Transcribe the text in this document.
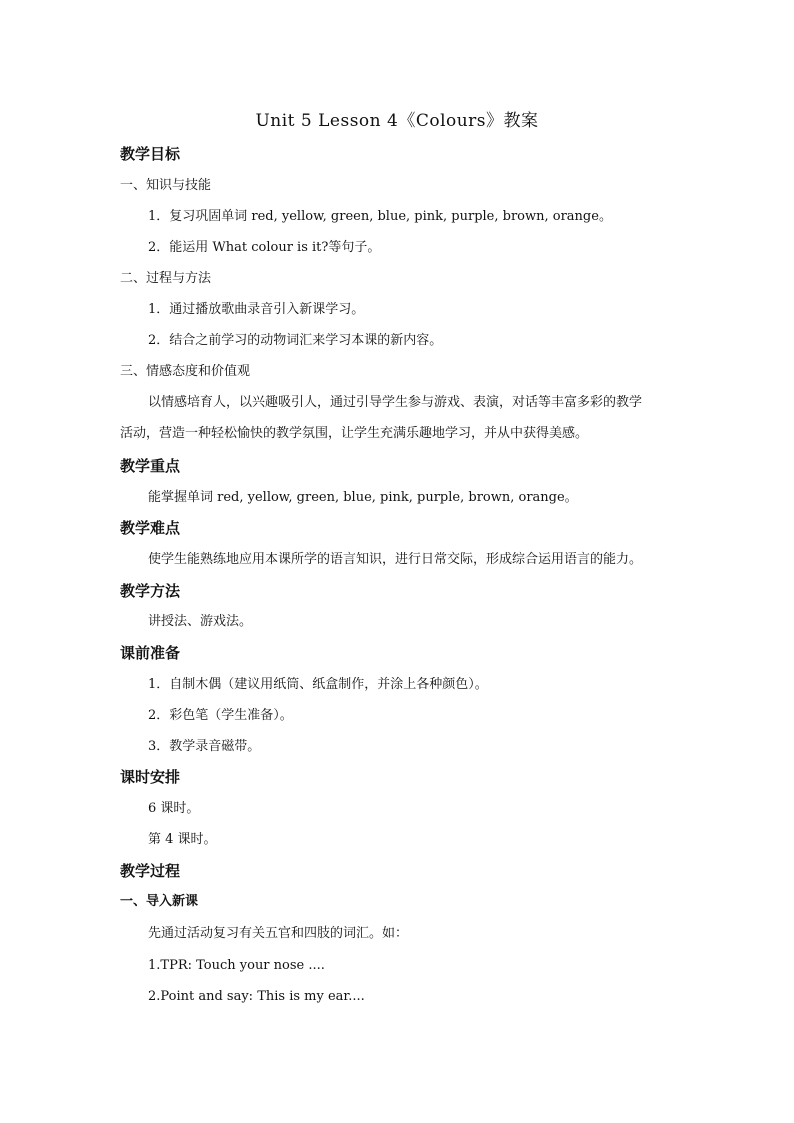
Unit 5 Lesson 4《Colours》教案
教学目标
一、知识与技能
1．复习巩固单词 red, yellow, green, blue, pink, purple, brown, orange。
2．能运用 What colour is it?等句子。
二、过程与方法
1．通过播放歌曲录音引入新课学习。
2．结合之前学习的动物词汇来学习本课的新内容。
三、情感态度和价值观
以情感培育人，以兴趣吸引人，通过引导学生参与游戏、表演，对话等丰富多彩的教学
活动，营造一种轻松愉快的教学氛围，让学生充满乐趣地学习，并从中获得美感。
教学重点
能掌握单词 red, yellow, green, blue, pink, purple, brown, orange。
教学难点
使学生能熟练地应用本课所学的语言知识，进行日常交际，形成综合运用语言的能力。
教学方法
讲授法、游戏法。
课前准备
1．自制木偶（建议用纸筒、纸盒制作，并涂上各种颜色）。
2．彩色笔（学生准备）。
3．教学录音磁带。
课时安排
6 课时。
第 4 课时。
教学过程
一、导入新课
先通过活动复习有关五官和四肢的词汇。如：
1.TPR: Touch your nose ....
2.Point and say: This is my ear....
